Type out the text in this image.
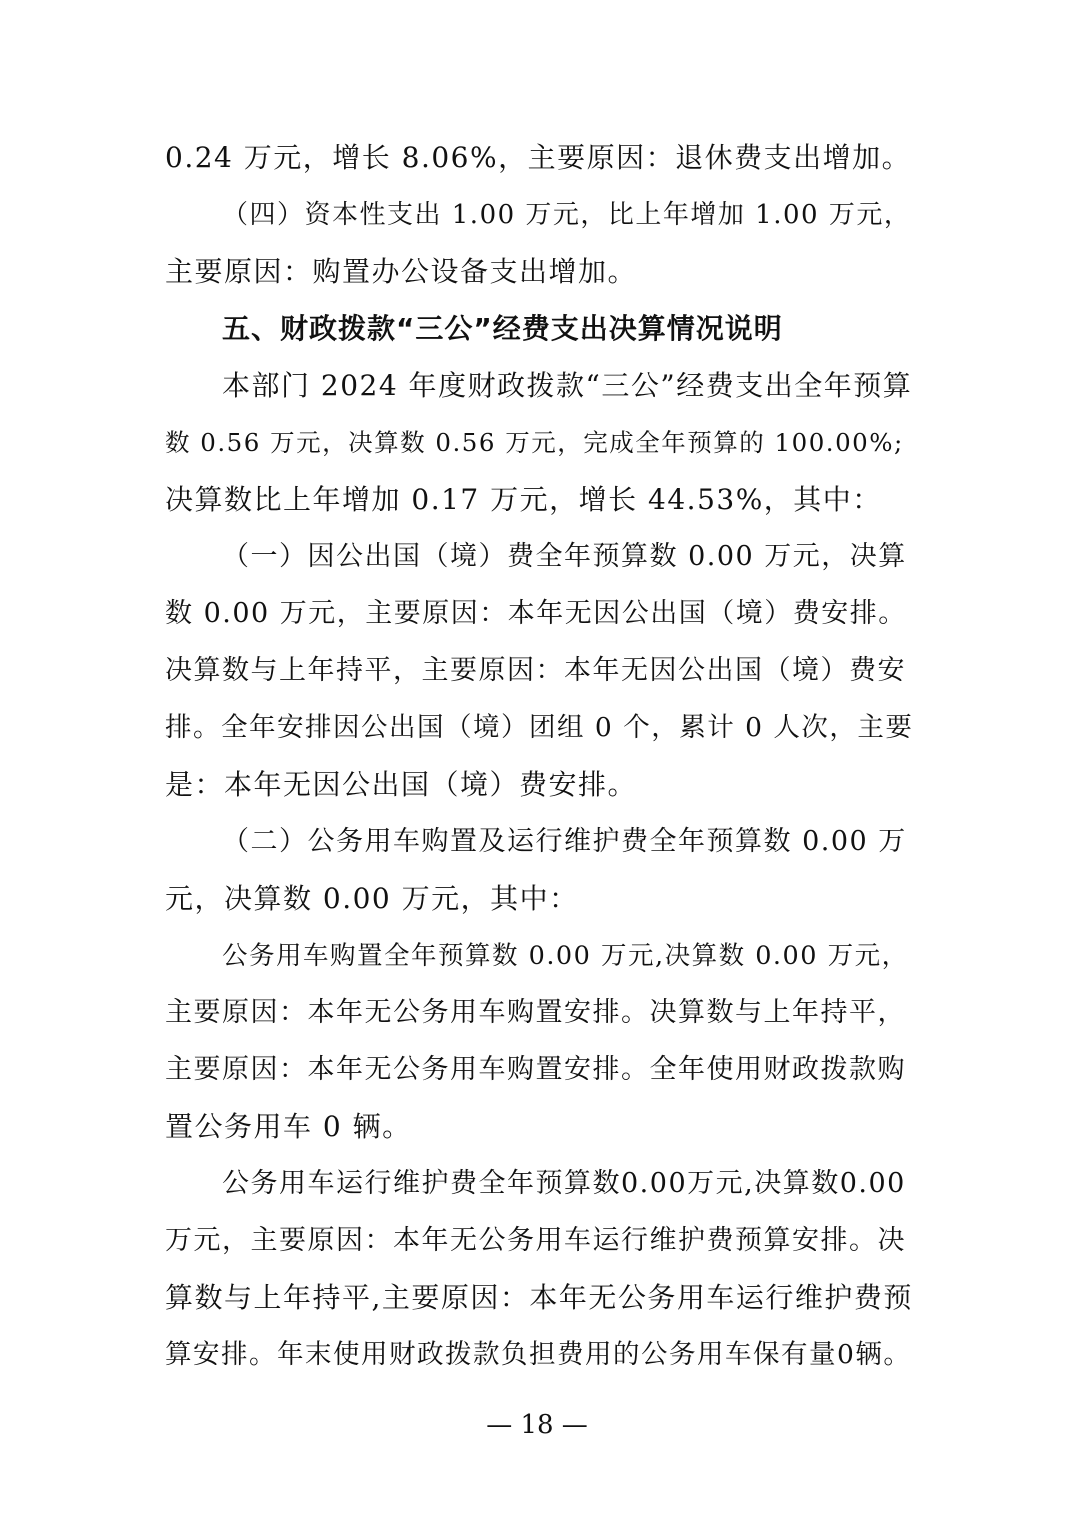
0.24 万元，增长 8.06%，主要原因：退休费支出增加。
（四）资本性支出 1.00 万元，比上年增加 1.00 万元，
主要原因：购置办公设备支出增加。
五、财政拨款“三公”经费支出决算情况说明
本部门 2024 年度财政拨款“三公”经费支出全年预算
数 0.56 万元，决算数 0.56 万元，完成全年预算的 100.00%;
决算数比上年增加 0.17 万元，增长 44.53%，其中：
（一）因公出国（境）费全年预算数 0.00 万元，决算
数 0.00 万元，主要原因：本年无因公出国（境）费安排。
决算数与上年持平，主要原因：本年无因公出国（境）费安
排。全年安排因公出国（境）团组 0 个，累计 0 人次，主要
是：本年无因公出国（境）费安排。
（二）公务用车购置及运行维护费全年预算数 0.00 万
元，决算数 0.00 万元，其中：
公务用车购置全年预算数 0.00 万元,决算数 0.00 万元，
主要原因：本年无公务用车购置安排。决算数与上年持平，
主要原因：本年无公务用车购置安排。全年使用财政拨款购
置公务用车 0 辆。
公务用车运行维护费全年预算数0.00万元,决算数0.00
万元，主要原因：本年无公务用车运行维护费预算安排。决
算数与上年持平,主要原因：本年无公务用车运行维护费预
算安排。年末使用财政拨款负担费用的公务用车保有量0辆。
— 18 —
